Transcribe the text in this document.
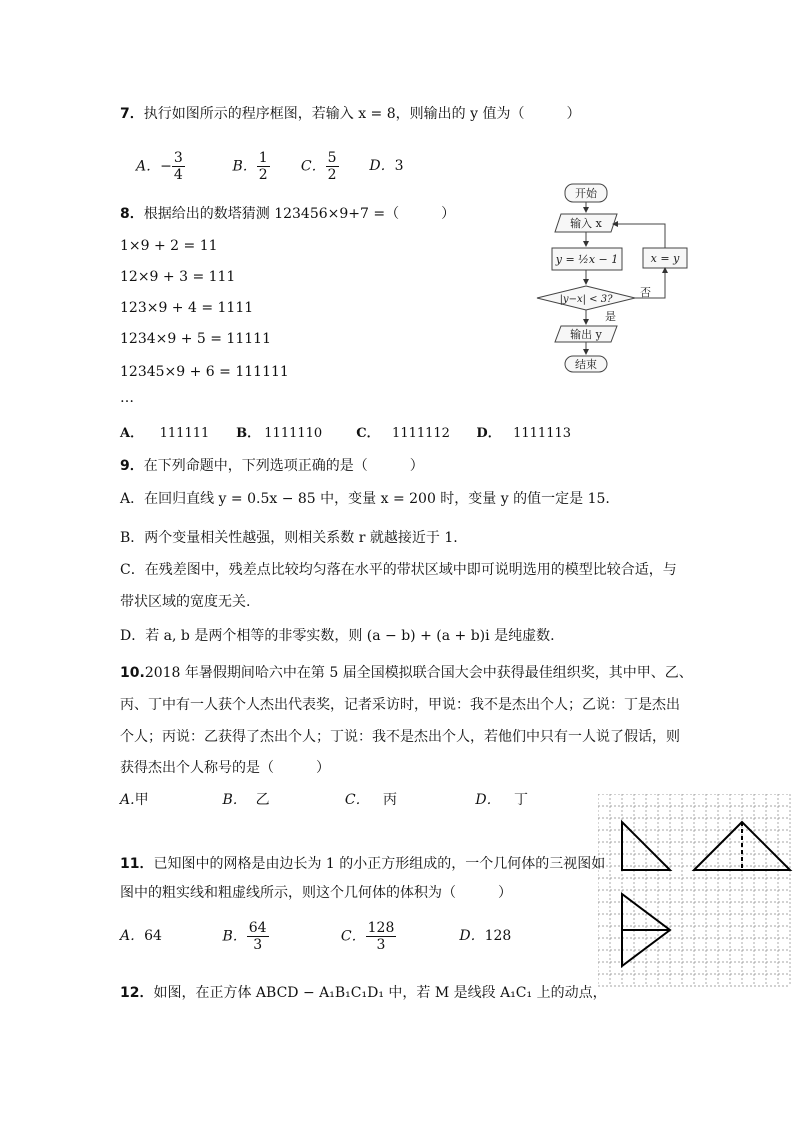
7．执行如图所示的程序框图，若输入 x = 8，则输出的 y 值为（　　　）
A．− $\frac{3}{4}$	B． $\frac{1}{2}$ C． $\frac{5}{2}$ D．3
8．根据给出的数塔猜测 123456×9+7 =（　　　）
1×9 + 2 = 11
12×9 + 3 = 111
123×9 + 4 = 1111
1234×9 + 5 = 11111
12345×9 + 6 = 111111
…
A． 111111 B． 1111110	C． 1111112 D． 1111113
开始
输入 x
y = ½x − 1	x = y
|y−x| < 3?
否
是
输出 y
结束
9．在下列命题中，下列选项正确的是（　　　）
A．在回归直线 y = 0.5x − 85 中，变量 x = 200 时，变量 y 的值一定是 15.
B．两个变量相关性越强，则相关系数 r 就越接近于 1.
C．在残差图中，残差点比较均匀落在水平的带状区域中即可说明选用的模型比较合适，与
带状区域的宽度无关.
D．若 a, b 是两个相等的非零实数，则 (a − b) + (a + b)i 是纯虚数.
10.2018 年暑假期间哈六中在第 5 届全国模拟联合国大会中获得最佳组织奖，其中甲、乙、
丙、丁中有一人获个人杰出代表奖，记者采访时，甲说：我不是杰出个人；乙说：丁是杰出
个人；丙说：乙获得了杰出个人；丁说：我不是杰出个人，若他们中只有一人说了假话，则
获得杰出个人称号的是（　　　）
A.甲	B． 乙	C． 丙	D． 丁
11．已知图中的网格是由边长为 1 的小正方形组成的，一个几何体的三视图如
图中的粗实线和粗虚线所示，则这个几何体的体积为（　　　）
A．64	B． $\frac{64}{3}$	C． $\frac{128}{3}$	D．128
12．如图，在正方体 ABCD − A₁B₁C₁D₁ 中，若 M 是线段 A₁C₁ 上的动点，
